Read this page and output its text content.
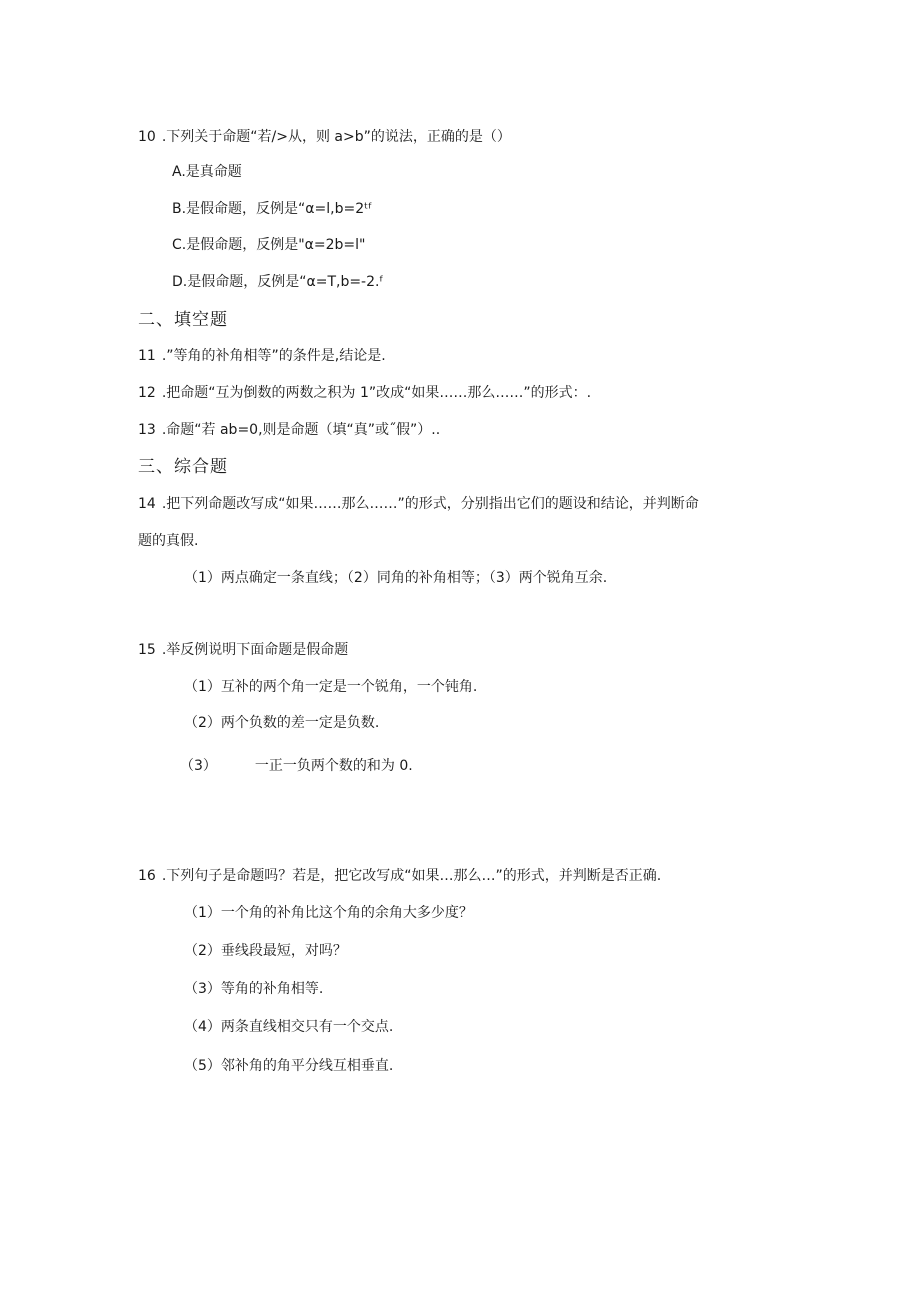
10 .下列关于命题“若/>从，则 a>b”的说法，正确的是（）
A.是真命题
B.是假命题，反例是“α=l,b=2ᵗᶠ
C.是假命题，反例是"α=2b=l"
D.是假命题，反例是“α=T,b=-2.ᶠ
二、填空题
11 .”等角的补角相等”的条件是,结论是.
12 .把命题“互为倒数的两数之积为 1”改成“如果……那么……”的形式：.
13 .命题“若 ab=0,则是命题（填“真”或˝假”）..
三、综合题
14 .把下列命题改写成“如果……那么……”的形式，分别指出它们的题设和结论，并判断命
题的真假.
（1）两点确定一条直线；（2）同角的补角相等；（3）两个锐角互余.
15 .举反例说明下面命题是假命题
（1）互补的两个角一定是一个锐角，一个钝角.
（2）两个负数的差一定是负数.
（3）	一正一负两个数的和为 0.
16 .下列句子是命题吗？若是，把它改写成“如果…那么…”的形式，并判断是否正确.
（1）一个角的补角比这个角的余角大多少度？
（2）垂线段最短，对吗？
（3）等角的补角相等.
（4）两条直线相交只有一个交点.
（5）邻补角的角平分线互相垂直.
